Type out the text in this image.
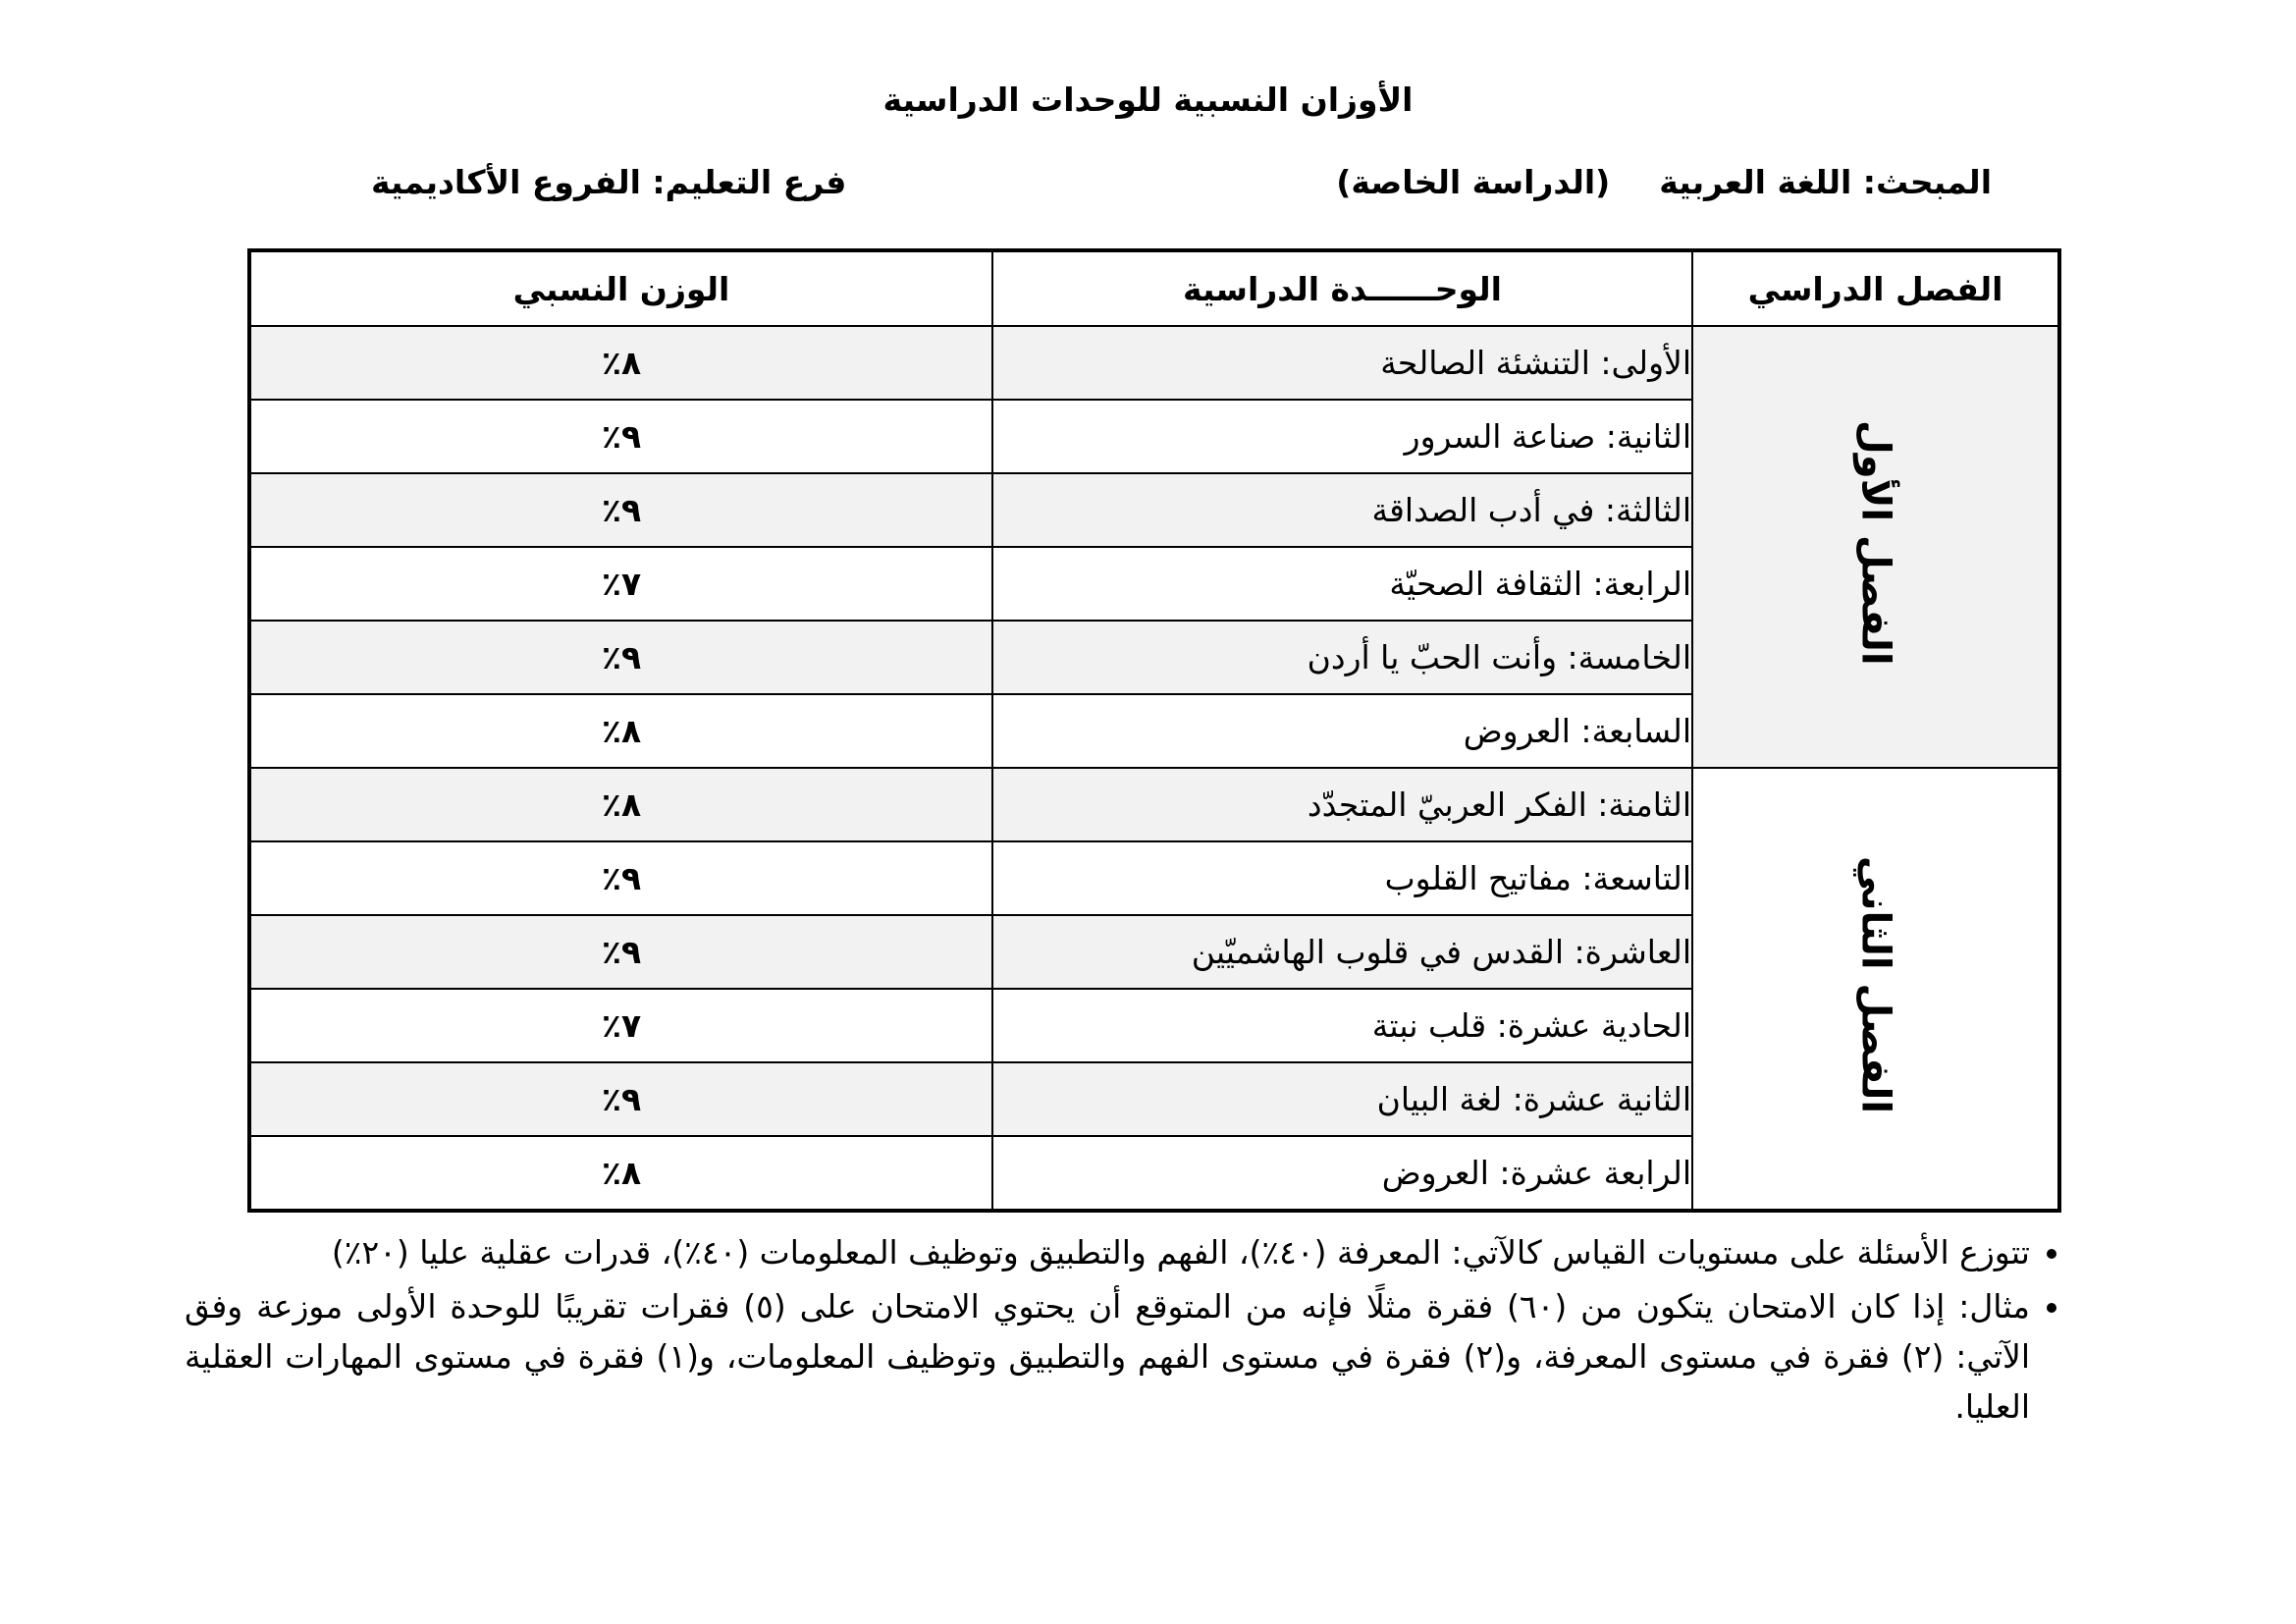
الأوزان النسبية للوحدات الدراسية
المبحث: اللغة العربية(الدراسة الخاصة)
فرع التعليم: الفروع الأكاديمية
الفصل الدراسي	الوحــــــدة الدراسية	الوزن النسبي
الفصل الأول	الأولى: التنشئة الصالحة	٨٪
	الثانية: صناعة السرور	٩٪
	الثالثة: في أدب الصداقة	٩٪
	الرابعة: الثقافة الصحيّة	٧٪
	الخامسة: وأنت الحبّ يا أردن	٩٪
	السابعة: العروض	٨٪
الفصل الثاني	الثامنة: الفكر العربيّ المتجدّد	٨٪
	التاسعة: مفاتيح القلوب	٩٪
	العاشرة: القدس في قلوب الهاشميّين	٩٪
	الحادية عشرة: قلب نبتة	٧٪
	الثانية عشرة: لغة البيان	٩٪
	الرابعة عشرة: العروض	٨٪
• تتوزع الأسئلة على مستويات القياس كالآتي: المعرفة (٤٠٪)، الفهم والتطبيق وتوظيف المعلومات (٤٠٪)، قدرات عقلية عليا (٢٠٪)
• مثال: إذا كان الامتحان يتكون من (٦٠) فقرة مثلًا فإنه من المتوقع أن يحتوي الامتحان على (٥) فقرات تقريبًا للوحدة الأولى موزعة وفق الآتي: (٢) فقرة في مستوى المعرفة، و(٢) فقرة في مستوى الفهم والتطبيق وتوظيف المعلومات، و(١) فقرة في مستوى المهارات العقلية العليا.
